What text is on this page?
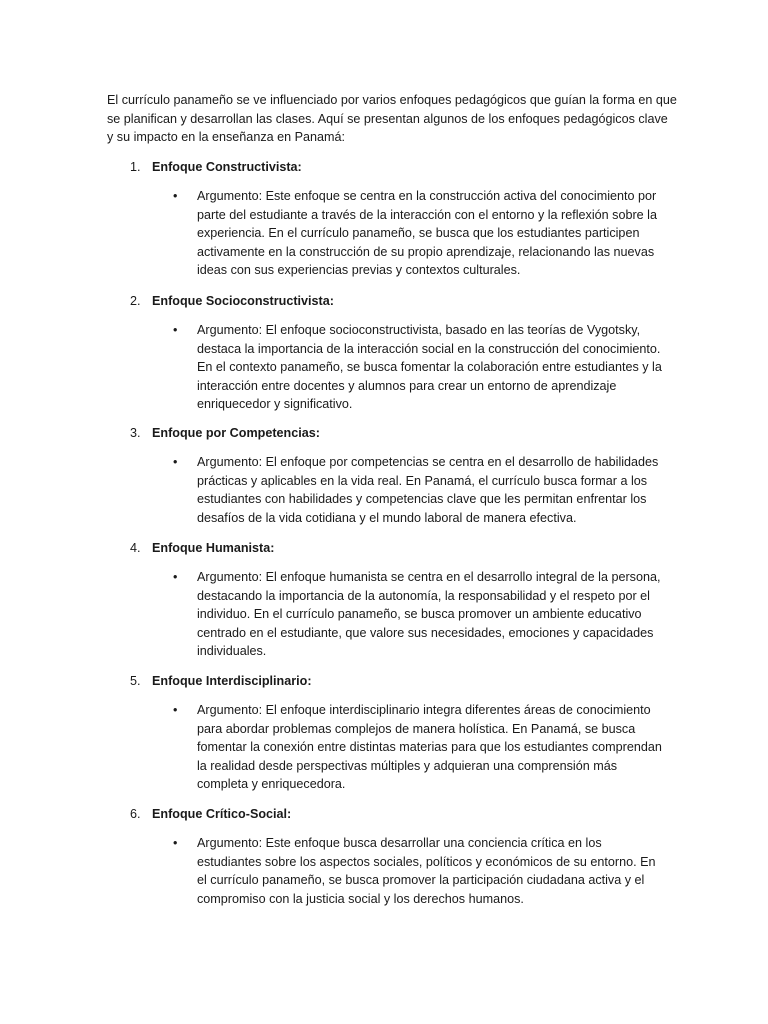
El currículo panameño se ve influenciado por varios enfoques pedagógicos que guían la forma en que se planifican y desarrollan las clases. Aquí se presentan algunos de los enfoques pedagógicos clave y su impacto en la enseñanza en Panamá:

1. Enfoque Constructivista:
• Argumento: Este enfoque se centra en la construcción activa del conocimiento por parte del estudiante a través de la interacción con el entorno y la reflexión sobre la experiencia. En el currículo panameño, se busca que los estudiantes participen activamente en la construcción de su propio aprendizaje, relacionando las nuevas ideas con sus experiencias previas y contextos culturales.
2. Enfoque Socioconstructivista:
• Argumento: El enfoque socioconstructivista, basado en las teorías de Vygotsky, destaca la importancia de la interacción social en la construcción del conocimiento. En el contexto panameño, se busca fomentar la colaboración entre estudiantes y la interacción entre docentes y alumnos para crear un entorno de aprendizaje enriquecedor y significativo.
3. Enfoque por Competencias:
• Argumento: El enfoque por competencias se centra en el desarrollo de habilidades prácticas y aplicables en la vida real. En Panamá, el currículo busca formar a los estudiantes con habilidades y competencias clave que les permitan enfrentar los desafíos de la vida cotidiana y el mundo laboral de manera efectiva.
4. Enfoque Humanista:
• Argumento: El enfoque humanista se centra en el desarrollo integral de la persona, destacando la importancia de la autonomía, la responsabilidad y el respeto por el individuo. En el currículo panameño, se busca promover un ambiente educativo centrado en el estudiante, que valore sus necesidades, emociones y capacidades individuales.
5. Enfoque Interdisciplinario:
• Argumento: El enfoque interdisciplinario integra diferentes áreas de conocimiento para abordar problemas complejos de manera holística. En Panamá, se busca fomentar la conexión entre distintas materias para que los estudiantes comprendan la realidad desde perspectivas múltiples y adquieran una comprensión más completa y enriquecedora.
6. Enfoque Crítico-Social:
• Argumento: Este enfoque busca desarrollar una conciencia crítica en los estudiantes sobre los aspectos sociales, políticos y económicos de su entorno. En el currículo panameño, se busca promover la participación ciudadana activa y el compromiso con la justicia social y los derechos humanos.
